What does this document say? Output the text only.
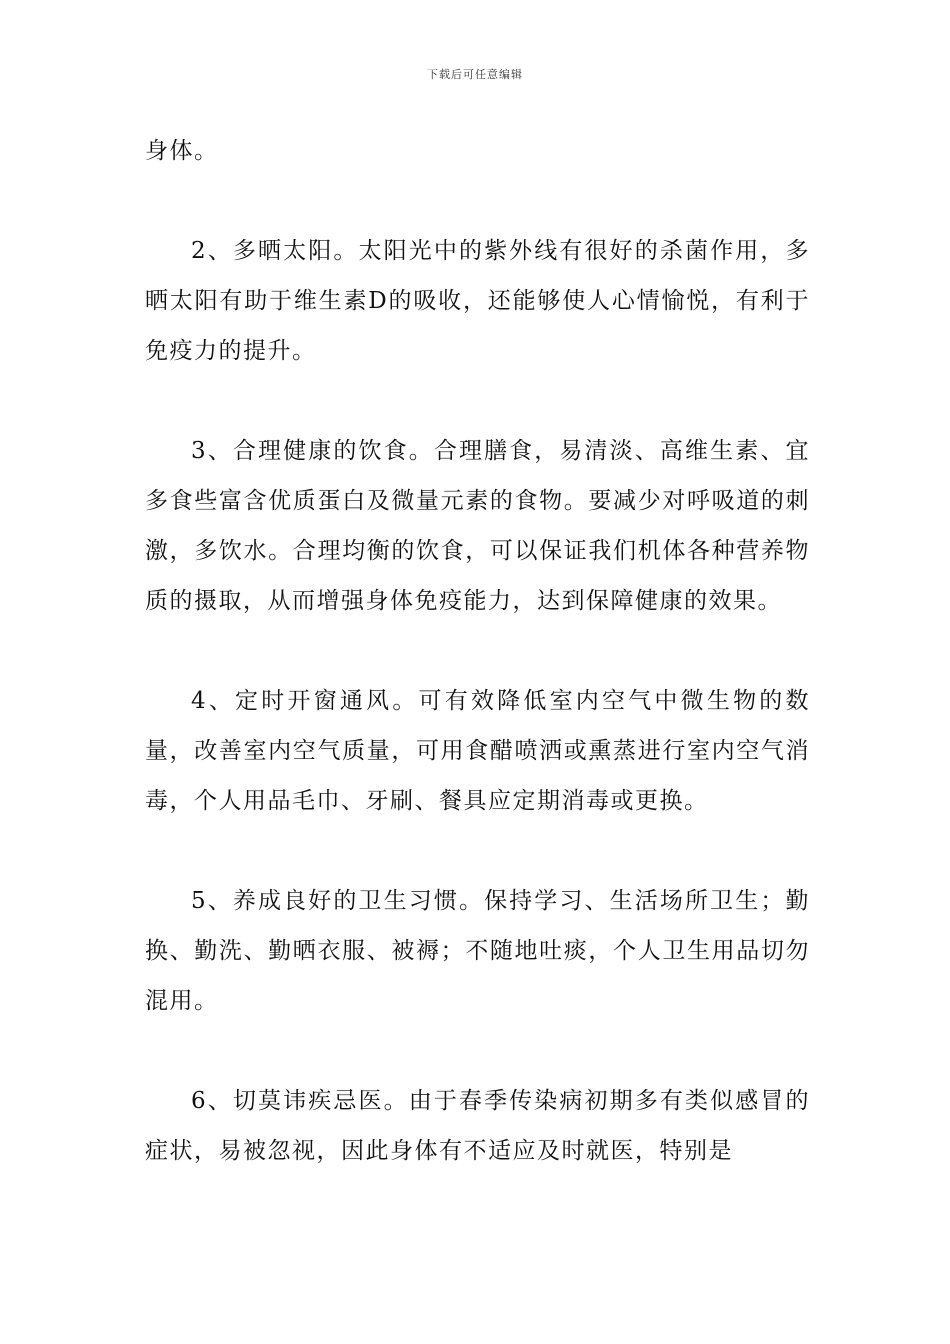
下载后可任意编辑

身体。

2、多晒太阳。太阳光中的紫外线有很好的杀菌作用，多晒太阳有助于维生素D的吸收，还能够使人心情愉悦，有利于免疫力的提升。

3、合理健康的饮食。合理膳食，易清淡、高维生素、宜多食些富含优质蛋白及微量元素的食物。要减少对呼吸道的刺激，多饮水。合理均衡的饮食，可以保证我们机体各种营养物质的摄取，从而增强身体免疫能力，达到保障健康的效果。

4、定时开窗通风。可有效降低室内空气中微生物的数量，改善室内空气质量，可用食醋喷洒或熏蒸进行室内空气消毒，个人用品毛巾、牙刷、餐具应定期消毒或更换。

5、养成良好的卫生习惯。保持学习、生活场所卫生；勤换、勤洗、勤晒衣服、被褥；不随地吐痰，个人卫生用品切勿混用。

6、切莫讳疾忌医。由于春季传染病初期多有类似感冒的症状，易被忽视，因此身体有不适应及时就医，特别是
